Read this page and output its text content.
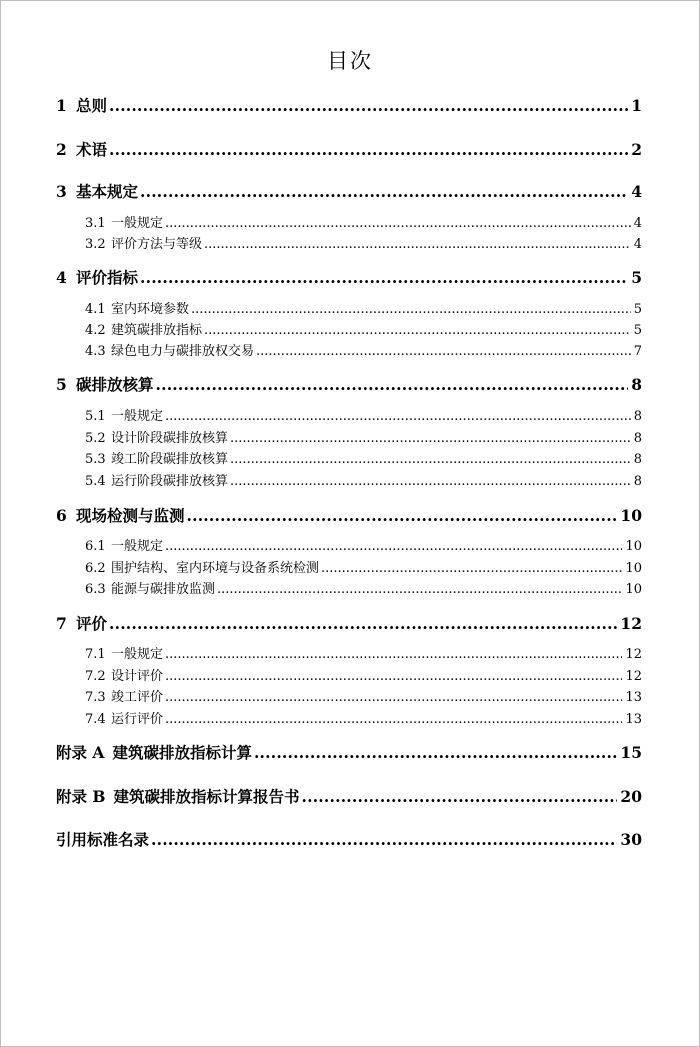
目次
1 总则 .....	1
2 术语 .....	2
3 基本规定 .....	4
3.1 一般规定 .....	4
3.2 评价方法与等级 .....	4
4 评价指标 .....	5
4.1 室内环境参数 .....	5
4.2 建筑碳排放指标 .....	5
4.3 绿色电力与碳排放权交易 .....	7
5 碳排放核算 .....	8
5.1 一般规定 .....	8
5.2 设计阶段碳排放核算 .....	8
5.3 竣工阶段碳排放核算 .....	8
5.4 运行阶段碳排放核算 .....	8
6 现场检测与监测 .....	10
6.1 一般规定 .....	10
6.2 围护结构、室内环境与设备系统检测 .....	10
6.3 能源与碳排放监测 .....	10
7 评价 .....	12
7.1 一般规定 .....	12
7.2 设计评价 .....	12
7.3 竣工评价 .....	13
7.4 运行评价 .....	13
附录 A 建筑碳排放指标计算 .....	15
附录 B 建筑碳排放指标计算报告书 .....	20
引用标准名录 .....	30
